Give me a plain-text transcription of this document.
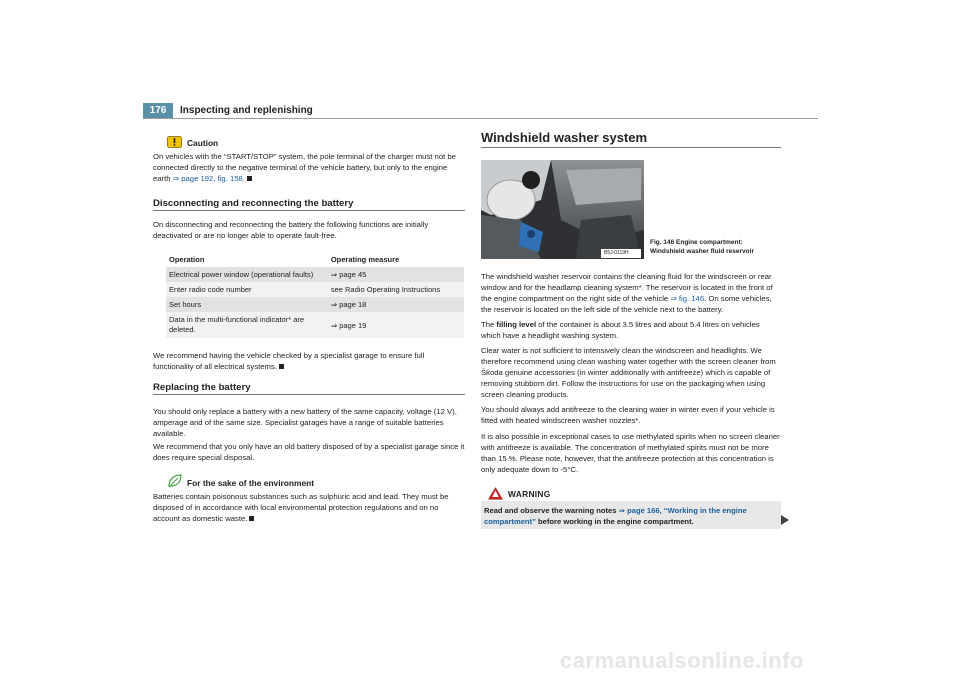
176	Inspecting and replenishing
Caution
On vehicles with the “START/STOP” system, the pole terminal of the charger must not be connected directly to the negative terminal of the vehicle battery, but only to the engine earth ⇒ page 192, fig. 158.
Disconnecting and reconnecting the battery
On disconnecting and reconnecting the battery the following functions are initially deactivated or are no longer able to operate fault-free.
Operation	Operating measure
Electrical power window (operational faults)	⇒ page 45
Enter radio code number	see Radio Operating Instructions
Set hours	⇒ page 18
Data in the multi-functional indicator* are deleted.	⇒ page 19
We recommend having the vehicle checked by a specialist garage to ensure full functionality of all electrical systems.
Replacing the battery
You should only replace a battery with a new battery of the same capacity, voltage (12 V), amperage and of the same size. Specialist garages have a range of suitable batteries available.
We recommend that you only have an old battery disposed of by a specialist garage since it does require special disposal.
For the sake of the environment
Batteries contain poisonous substances such as sulphuric acid and lead. They must be disposed of in accordance with local environmental protection regulations and on no account as domestic waste.
Windshield washer system
B5J-0119H
Fig. 146 Engine compartment: Windshield washer fluid reservoir
The windshield washer reservoir contains the cleaning fluid for the windscreen or rear window and for the headlamp cleaning system*. The reservoir is located in the front of the engine compartment on the right side of the vehicle ⇒ fig. 146. On some vehicles, the reservoir is located on the left side of the vehicle next to the battery.
The filling level of the container is about 3.5 litres and about 5.4 litres on vehicles which have a headlight washing system.
Clear water is not sufficient to intensively clean the windscreen and headlights. We therefore recommend using clean washing water together with the screen cleaner from Škoda genuine accessories (in winter additionally with antifreeze) which is capable of removing stubborn dirt. Follow the instructions for use on the packaging when using screen cleaning products.
You should always add antifreeze to the cleaning water in winter even if your vehicle is fitted with heated windscreen washer nozzles*.
It is also possible in exceptional cases to use methylated spirits when no screen cleaner with antifreeze is available. The concentration of methylated spirits must not be more than 15 %. Please note, however, that the antifreeze protection at this concentration is only adequate down to -5°C.
WARNING
Read and observe the warning notes ⇒ page 166, “Working in the engine compartment” before working in the engine compartment.
carmanualsonline.info
